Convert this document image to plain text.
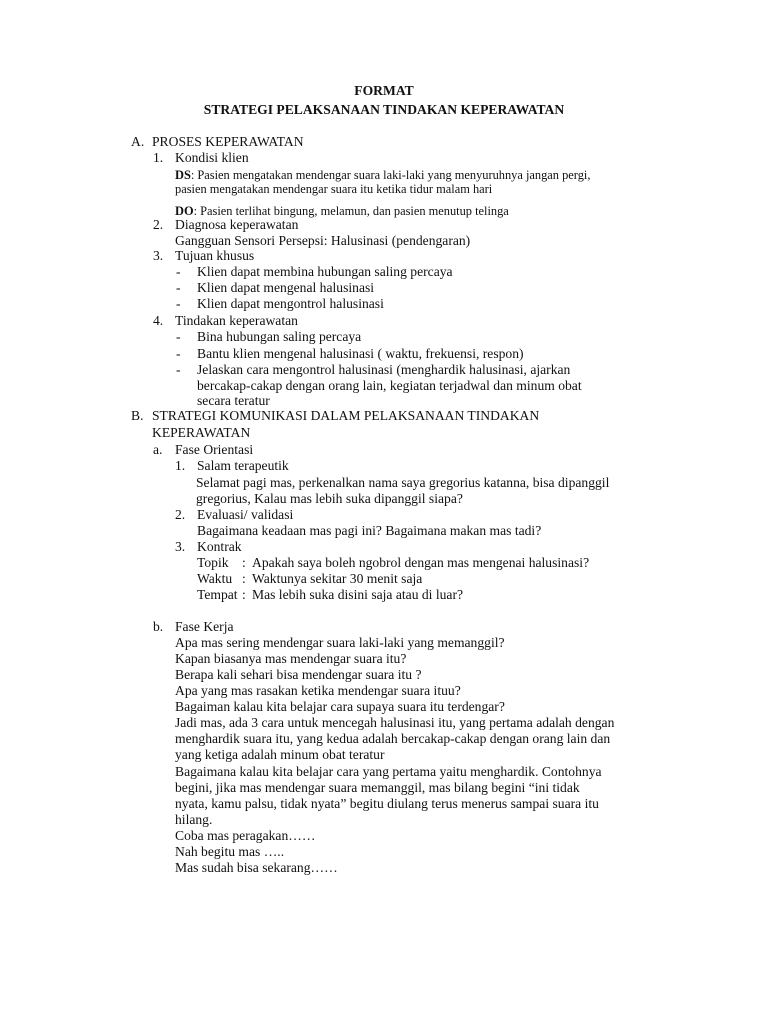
FORMAT
STRATEGI PELAKSANAAN TINDAKAN KEPERAWATAN
A. PROSES KEPERAWATAN
1. Kondisi klien
DS: Pasien mengatakan mendengar suara laki-laki yang menyuruhnya jangan pergi,
pasien mengatakan mendengar suara itu ketika tidur malam hari
DO: Pasien terlihat bingung, melamun, dan pasien menutup telinga
2. Diagnosa keperawatan
Gangguan Sensori Persepsi: Halusinasi (pendengaran)
3. Tujuan khusus
- Klien dapat membina hubungan saling percaya
- Klien dapat mengenal halusinasi
- Klien dapat mengontrol halusinasi
4. Tindakan keperawatan
- Bina hubungan saling percaya
- Bantu klien mengenal halusinasi ( waktu, frekuensi, respon)
- Jelaskan cara mengontrol halusinasi (menghardik halusinasi, ajarkan
bercakap-cakap dengan orang lain, kegiatan terjadwal dan minum obat
secara teratur
B. STRATEGI KOMUNIKASI DALAM PELAKSANAAN TINDAKAN
KEPERAWATAN
a. Fase Orientasi
1. Salam terapeutik
Selamat pagi mas, perkenalkan nama saya gregorius katanna, bisa dipanggil
gregorius, Kalau mas lebih suka dipanggil siapa?
2. Evaluasi/ validasi
Bagaimana keadaan mas pagi ini? Bagaimana makan mas tadi?
3. Kontrak
Topik : Apakah saya boleh ngobrol dengan mas mengenai halusinasi?
Waktu : Waktunya sekitar 30 menit saja
Tempat : Mas lebih suka disini saja atau di luar?
b. Fase Kerja
Apa mas sering mendengar suara laki-laki yang memanggil?
Kapan biasanya mas mendengar suara itu?
Berapa kali sehari bisa mendengar suara itu ?
Apa yang mas rasakan ketika mendengar suara ituu?
Bagaiman kalau kita belajar cara supaya suara itu terdengar?
Jadi mas, ada 3 cara untuk mencegah halusinasi itu, yang pertama adalah dengan
menghardik suara itu, yang kedua adalah bercakap-cakap dengan orang lain dan
yang ketiga adalah minum obat teratur
Bagaimana kalau kita belajar cara yang pertama yaitu menghardik. Contohnya
begini, jika mas mendengar suara memanggil, mas bilang begini “ini tidak
nyata, kamu palsu, tidak nyata” begitu diulang terus menerus sampai suara itu
hilang.
Coba mas peragakan……
Nah begitu mas …..
Mas sudah bisa sekarang……
